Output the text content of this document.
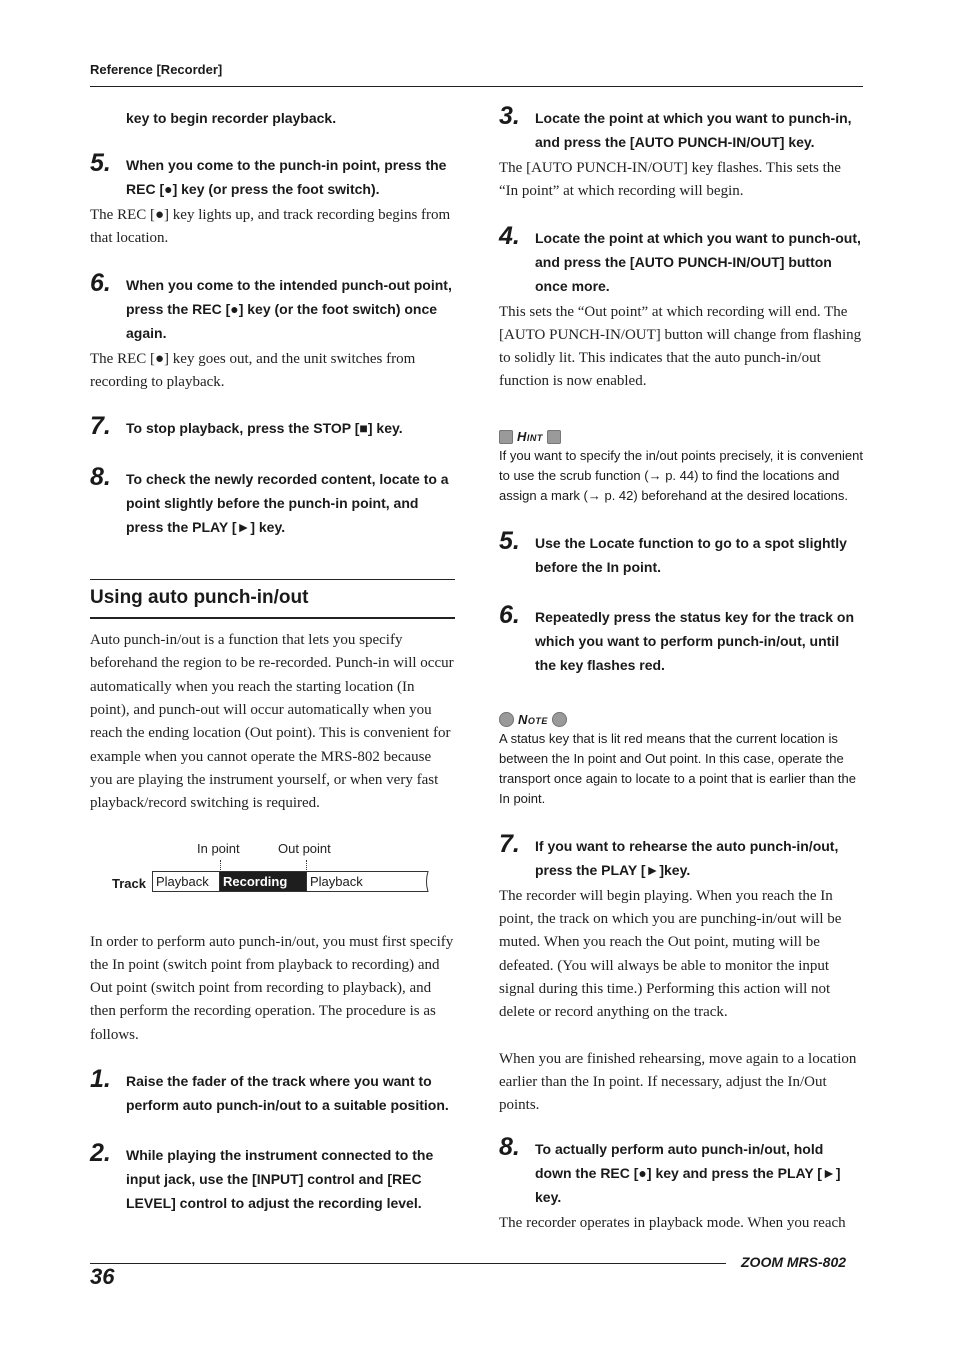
Reference [Recorder]
key to begin recorder playback.
5. When you come to the punch-in point, press the REC [●] key (or press the foot switch).

The REC [●] key lights up, and track recording begins from that location.

6. When you come to the intended punch-out point, press the REC [●] key (or the foot switch) once again.

The REC [●] key goes out, and the unit switches from recording to playback.

7. To stop playback, press the STOP [■] key.
8. To check the newly recorded content, locate to a point slightly before the punch-in point, and press the PLAY [►] key.
Using auto punch-in/out

Auto punch-in/out is a function that lets you specify beforehand the region to be re-recorded. Punch-in will occur automatically when you reach the starting location (In point), and punch-out will occur automatically when you reach the ending location (Out point). This is convenient for example when you cannot operate the MRS-802 because you are playing the instrument yourself, or when very fast playback/record switching is required.

In point	Out point
Track Playback	Recording	Playback

In order to perform auto punch-in/out, you must first specify the In point (switch point from playback to recording) and Out point (switch point from recording to playback), and then perform the recording operation. The procedure is as follows.

1. Raise the fader of the track where you want to perform auto punch-in/out to a suitable position.
2. While playing the instrument connected to the input jack, use the [INPUT] control and [REC LEVEL] control to adjust the recording level.
3. Locate the point at which you want to punch-in, and press the [AUTO PUNCH-IN/OUT] key.

The [AUTO PUNCH-IN/OUT] key flashes. This sets the “In point” at which recording will begin.

4. Locate the point at which you want to punch-out, and press the [AUTO PUNCH-IN/OUT] button once more.

This sets the “Out point” at which recording will end. The [AUTO PUNCH-IN/OUT] button will change from flashing to solidly lit. This indicates that the auto punch-in/out function is now enabled.

Hint

If you want to specify the in/out points precisely, it is convenient to use the scrub function (→ p. 44) to find the locations and assign a mark (→ p. 42) beforehand at the desired locations.

5. Use the Locate function to go to a spot slightly before the In point.
6. Repeatedly press the status key for the track on which you want to perform punch-in/out, until the key flashes red.
Note

A status key that is lit red means that the current location is between the In point and Out point. In this case, operate the transport once again to locate to a point that is earlier than the In point.

7. If you want to rehearse the auto punch-in/out, press the PLAY [►]key.

The recorder will begin playing. When you reach the In point, the track on which you are punching-in/out will be muted. When you reach the Out point, muting will be defeated. (You will always be able to monitor the input signal during this time.) Performing this action will not delete or record anything on the track.

When you are finished rehearsing, move again to a location earlier than the In point. If necessary, adjust the In/Out points.

8. To actually perform auto punch-in/out, hold down the REC [●] key and press the PLAY [►] key.

The recorder operates in playback mode. When you reach

36
ZOOM MRS-802
